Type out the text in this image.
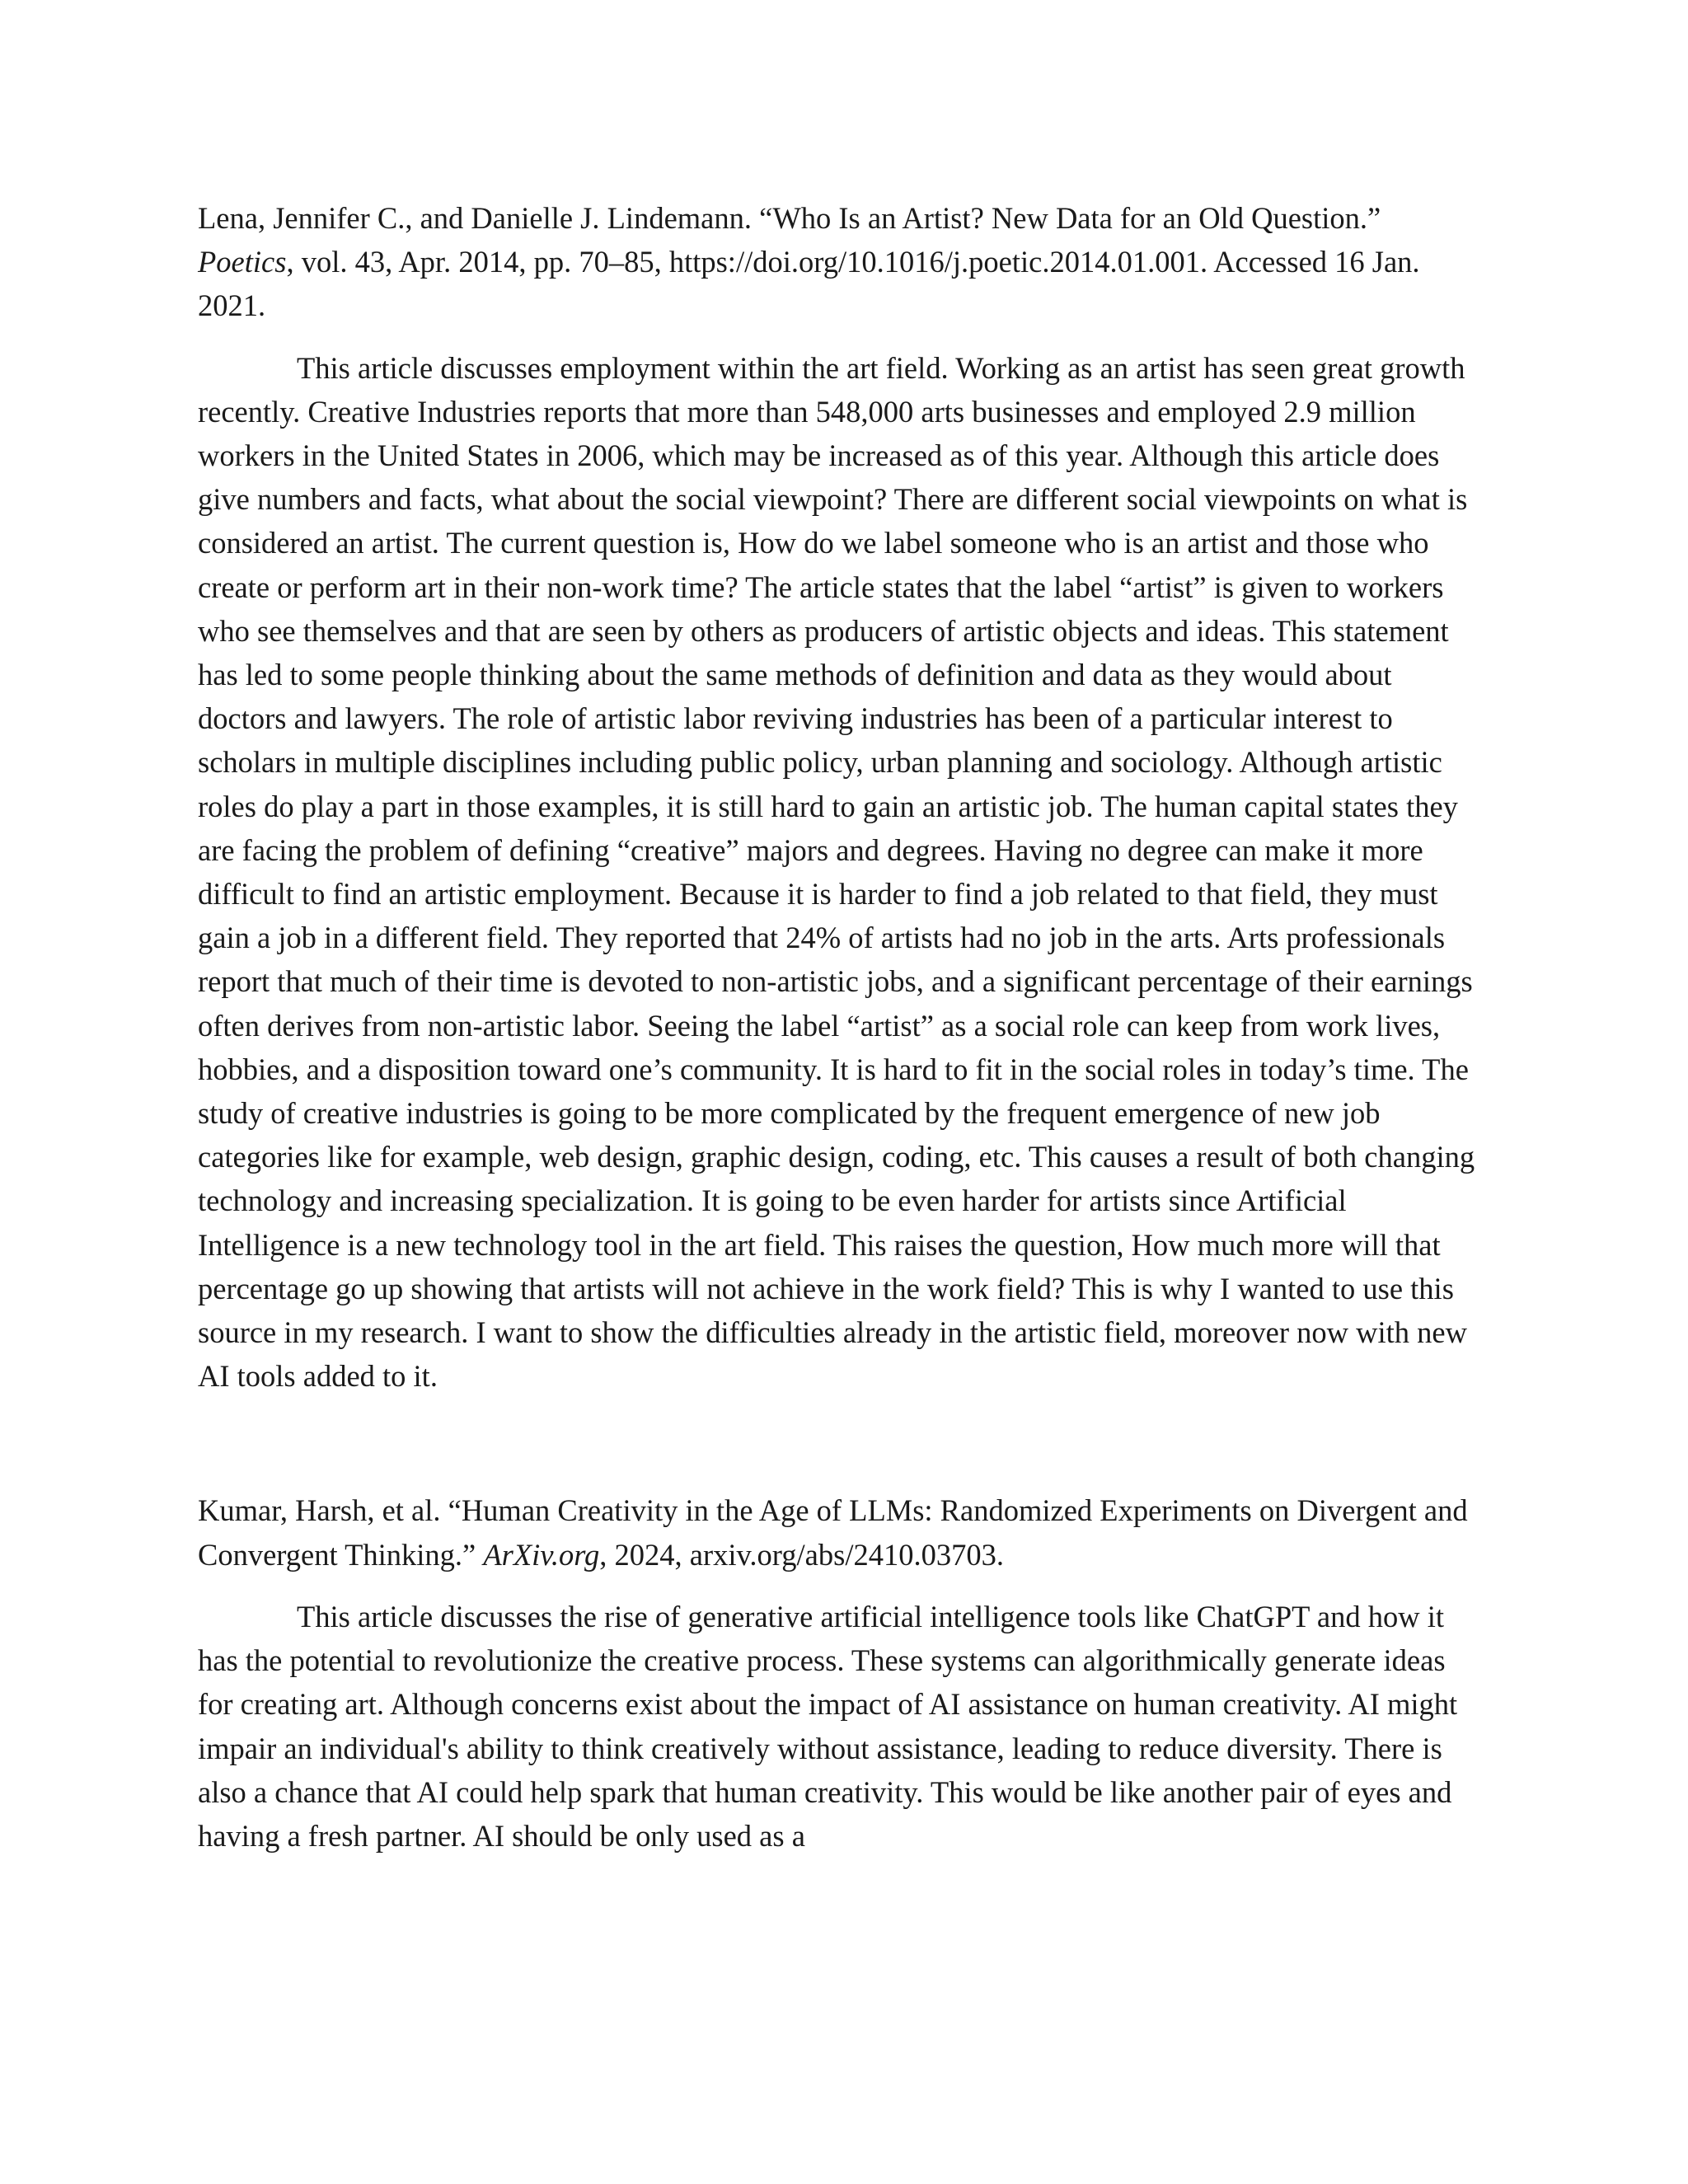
Lena, Jennifer C., and Danielle J. Lindemann. “Who Is an Artist? New Data for an Old Question.” Poetics, vol. 43, Apr. 2014, pp. 70–85, https://doi.org/10.1016/j.poetic.2014.01.001. Accessed 16 Jan. 2021.

This article discusses employment within the art field. Working as an artist has seen great growth recently. Creative Industries reports that more than 548,000 arts businesses and employed 2.9 million workers in the United States in 2006, which may be increased as of this year. Although this article does give numbers and facts, what about the social viewpoint? There are different social viewpoints on what is considered an artist. The current question is, How do we label someone who is an artist and those who create or perform art in their non-work time? The article states that the label “artist” is given to workers who see themselves and that are seen by others as producers of artistic objects and ideas. This statement has led to some people thinking about the same methods of definition and data as they would about doctors and lawyers. The role of artistic labor reviving industries has been of a particular interest to scholars in multiple disciplines including public policy, urban planning and sociology. Although artistic roles do play a part in those examples, it is still hard to gain an artistic job. The human capital states they are facing the problem of defining “creative” majors and degrees. Having no degree can make it more difficult to find an artistic employment. Because it is harder to find a job related to that field, they must gain a job in a different field. They reported that 24% of artists had no job in the arts. Arts professionals report that much of their time is devoted to non-artistic jobs, and a significant percentage of their earnings often derives from non-artistic labor. Seeing the label “artist” as a social role can keep from work lives, hobbies, and a disposition toward one’s community. It is hard to fit in the social roles in today’s time. The study of creative industries is going to be more complicated by the frequent emergence of new job categories like for example, web design, graphic design, coding, etc. This causes a result of both changing technology and increasing specialization. It is going to be even harder for artists since Artificial Intelligence is a new technology tool in the art field. This raises the question, How much more will that percentage go up showing that artists will not achieve in the work field? This is why I wanted to use this source in my research. I want to show the difficulties already in the artistic field, moreover now with new AI tools added to it.

Kumar, Harsh, et al. “Human Creativity in the Age of LLMs: Randomized Experiments on Divergent and Convergent Thinking.” ArXiv.org, 2024, arxiv.org/abs/2410.03703.

This article discusses the rise of generative artificial intelligence tools like ChatGPT and how it has the potential to revolutionize the creative process. These systems can algorithmically generate ideas for creating art. Although concerns exist about the impact of AI assistance on human creativity. AI might impair an individual's ability to think creatively without assistance, leading to reduce diversity. There is also a chance that AI could help spark that human creativity. This would be like another pair of eyes and having a fresh partner. AI should be only used as a
